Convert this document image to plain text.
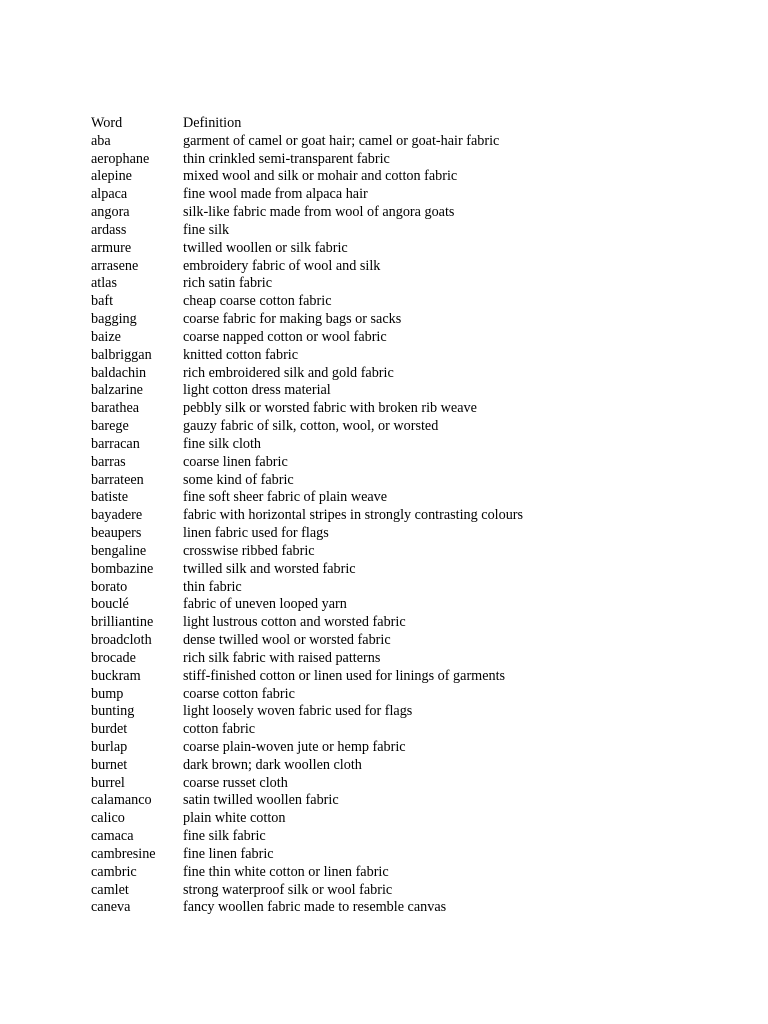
Word	Definition
aba	garment of camel or goat hair; camel or goat-hair fabric
aerophane	thin crinkled semi-transparent fabric
alepine	mixed wool and silk or mohair and cotton fabric
alpaca	fine wool made from alpaca hair
angora	silk-like fabric made from wool of angora goats
ardass	fine silk
armure	twilled woollen or silk fabric
arrasene	embroidery fabric of wool and silk
atlas	rich satin fabric
baft	cheap coarse cotton fabric
bagging	coarse fabric for making bags or sacks
baize	coarse napped cotton or wool fabric
balbriggan	knitted cotton fabric
baldachin	rich embroidered silk and gold fabric
balzarine	light cotton dress material
barathea	pebbly silk or worsted fabric with broken rib weave
barege	gauzy fabric of silk, cotton, wool, or worsted
barracan	fine silk cloth
barras	coarse linen fabric
barrateen	some kind of fabric
batiste	fine soft sheer fabric of plain weave
bayadere	fabric with horizontal stripes in strongly contrasting colours
beaupers	linen fabric used for flags
bengaline	crosswise ribbed fabric
bombazine	twilled silk and worsted fabric
borato	thin fabric
bouclé	fabric of uneven looped yarn
brilliantine	light lustrous cotton and worsted fabric
broadcloth	dense twilled wool or worsted fabric
brocade	rich silk fabric with raised patterns
buckram	stiff-finished cotton or linen used for linings of garments
bump	coarse cotton fabric
bunting	light loosely woven fabric used for flags
burdet	cotton fabric
burlap	coarse plain-woven jute or hemp fabric
burnet	dark brown; dark woollen cloth
burrel	coarse russet cloth
calamanco	satin twilled woollen fabric
calico	plain white cotton
camaca	fine silk fabric
cambresine	fine linen fabric
cambric	fine thin white cotton or linen fabric
camlet	strong waterproof silk or wool fabric
caneva	fancy woollen fabric made to resemble canvas
